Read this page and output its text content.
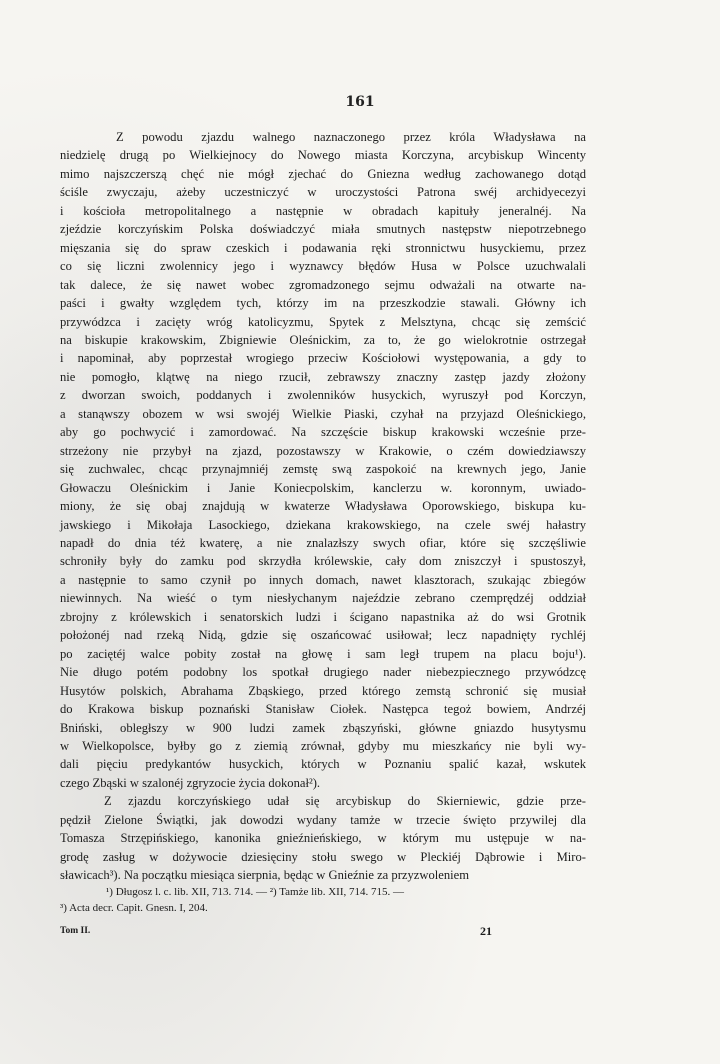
161
Z powodu zjazdu walnego naznaczonego przez króla Władysława na
niedzielę drugą po Wielkiejnocy do Nowego miasta Korczyna, arcybiskup Wincenty
mimo najszczerszą chęć nie mógł zjechać do Gniezna według zachowanego dotąd
ściśle zwyczaju, ażeby uczestniczyć w uroczystości Patrona swéj archidyecezyi
i kościoła metropolitalnego a następnie w obradach kapituły jeneralnéj. Na
zjeździe korczyńskim Polska doświadczyć miała smutnych następstw niepotrzebnego
mięszania się do spraw czeskich i podawania ręki stronnictwu husyckiemu, przez
co się liczni zwolennicy jego i wyznawcy błędów Husa w Polsce uzuchwalali
tak dalece, że się nawet wobec zgromadzonego sejmu odważali na otwarte na-
paści i gwałty względem tych, którzy im na przeszkodzie stawali. Główny ich
przywódzca i zacięty wróg katolicyzmu, Spytek z Melsztyna, chcąc się zemścić
na biskupie krakowskim, Zbigniewie Oleśnickim, za to, że go wielokrotnie ostrzegał
i napominał, aby poprzestał wrogiego przeciw Kościołowi występowania, a gdy to
nie pomogło, klątwę na niego rzucił, zebrawszy znaczny zastęp jazdy złożony
z dworzan swoich, poddanych i zwolenników husyckich, wyruszył pod Korczyn,
a stanąwszy obozem w wsi swojéj Wielkie Piaski, czyhał na przyjazd Oleśnickiego,
aby go pochwycić i zamordować. Na szczęście biskup krakowski wcześnie prze-
strzeżony nie przybył na zjazd, pozostawszy w Krakowie, o czém dowiedziawszy
się zuchwalec, chcąc przynajmniéj zemstę swą zaspokoić na krewnych jego, Janie
Głowaczu Oleśnickim i Janie Koniecpolskim, kanclerzu w. koronnym, uwiado-
miony, że się obaj znajdują w kwaterze Władysława Oporowskiego, biskupa ku-
jawskiego i Mikołaja Lasockiego, dziekana krakowskiego, na czele swéj hałastry
napadł do dnia téż kwaterę, a nie znalazłszy swych ofiar, które się szczęśliwie
schroniły były do zamku pod skrzydła królewskie, cały dom zniszczył i spustoszył,
a następnie to samo czynił po innych domach, nawet klasztorach, szukając zbiegów
niewinnych. Na wieść o tym niesłychanym najeździe zebrano czemprędzéj oddział
zbrojny z królewskich i senatorskich ludzi i ścigano napastnika aż do wsi Grotnik
położonéj nad rzeką Nidą, gdzie się oszańcować usiłował; lecz napadnięty rychléj
po zaciętéj walce pobity został na głowę i sam legł trupem na placu boju¹).
Nie długo potém podobny los spotkał drugiego nader niebezpiecznego przywódzcę
Husytów polskich, Abrahama Zbąskiego, przed którego zemstą schronić się musiał
do Krakowa biskup poznański Stanisław Ciołek. Następca tegoż bowiem, Andrzéj
Bniński, obległszy w 900 ludzi zamek zbąszyński, główne gniazdo husytysmu
w Wielkopolsce, byłby go z ziemią zrównał, gdyby mu mieszkańcy nie byli wy-
dali pięciu predykantów husyckich, których w Poznaniu spalić kazał, wskutek
czego Zbąski w szalonéj zgryzocie życia dokonał²).
Z zjazdu korczyńskiego udał się arcybiskup do Skierniewic, gdzie prze-
pędził Zielone Świątki, jak dowodzi wydany tamże w trzecie święto przywilej dla
Tomasza Strzępińskiego, kanonika gnieźnieńskiego, w którym mu ustępuje w na-
grodę zasług w dożywocie dziesięciny stołu swego w Pleckiéj Dąbrowie i Miro-
sławicach³). Na początku miesiąca sierpnia, będąc w Gnieźnie za przyzwoleniem
¹) Długosz l. c. lib. XII, 713. 714. — ²) Tamże lib. XII, 714. 715. —
³) Acta decr. Capit. Gnesn. I, 204.
Tom II.	21
